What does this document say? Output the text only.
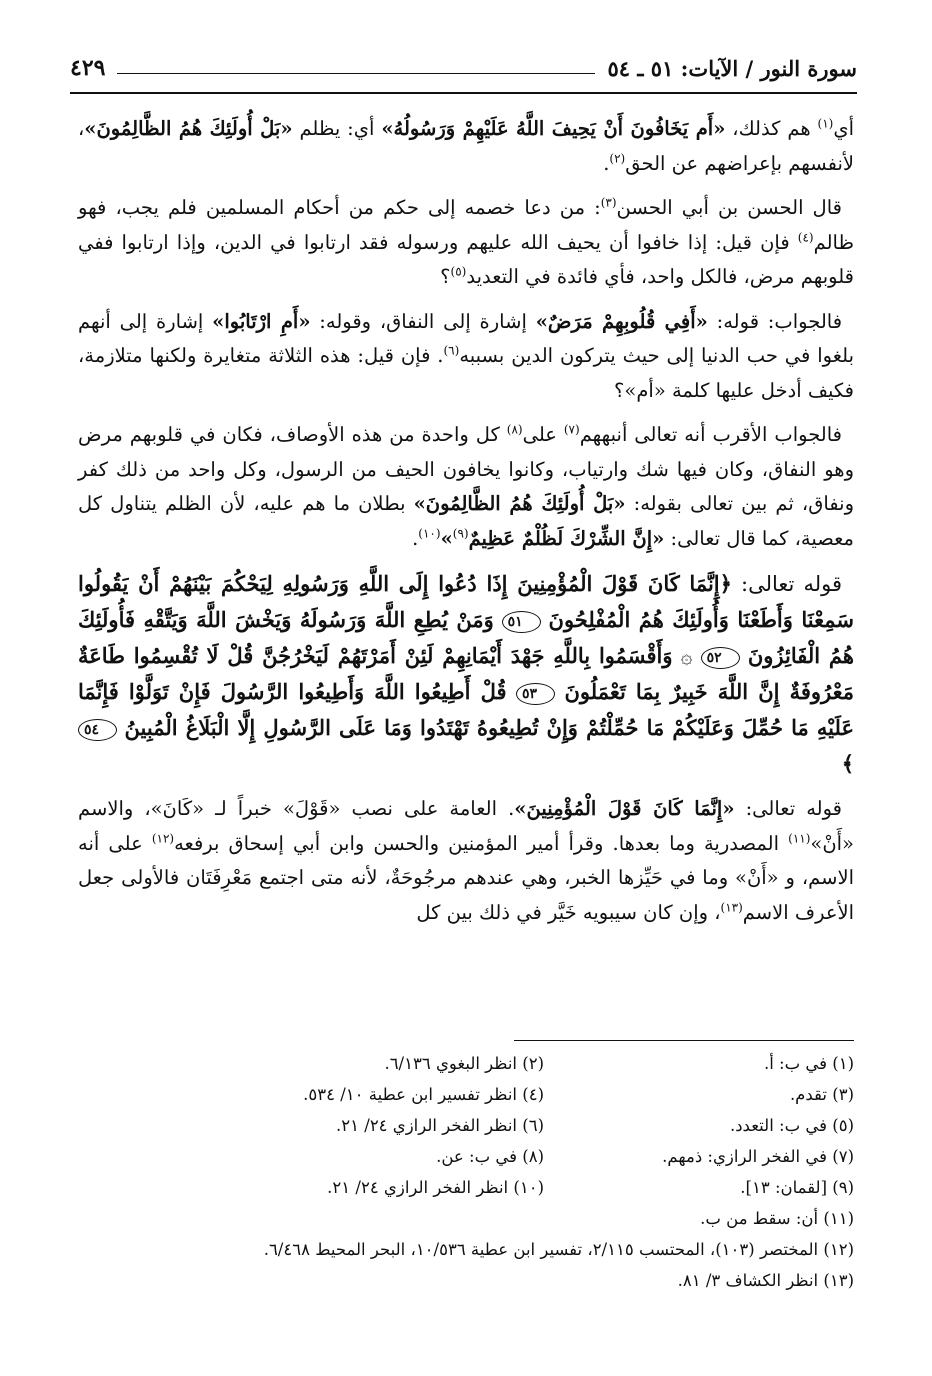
سورة النور / الآيات: ٥١ ـ ٥٤
٤٢٩

أي$^{(١)}$ هم كذلك، «أَم يَخَافُونَ أَنْ يَحِيفَ اللَّهُ عَلَيْهِمْ وَرَسُولُهُ» أي: يظلم «بَلْ أُولَئِكَ هُمُ الظَّالِمُونَ»، لأنفسهم بإعراضهم عن الحق$^{(٢)}$.

قال الحسن بن أبي الحسن$^{(٣)}$: من دعا خصمه إلى حكم من أحكام المسلمين فلم يجب، فهو ظالم$^{(٤)}$ فإن قيل: إذا خافوا أن يحيف الله عليهم ورسوله فقد ارتابوا في الدين، وإذا ارتابوا ففي قلوبهم مرض، فالكل واحد، فأي فائدة في التعديد$^{(٥)}$؟

فالجواب: قوله: «أَفِي قُلُوبِهِمْ مَرَضٌ» إشارة إلى النفاق، وقوله: «أَمِ ارْتَابُوا» إشارة إلى أنهم بلغوا في حب الدنيا إلى حيث يتركون الدين بسببه$^{(٦)}$. فإن قيل: هذه الثلاثة متغايرة ولكنها متلازمة، فكيف أدخل عليها كلمة «أم»؟

فالجواب الأقرب أنه تعالى أنبههم$^{(٧)}$ على$^{(٨)}$ كل واحدة من هذه الأوصاف، فكان في قلوبهم مرض وهو النفاق، وكان فيها شك وارتياب، وكانوا يخافون الحيف من الرسول، وكل واحد من ذلك كفر ونفاق، ثم بين تعالى بقوله: «بَلْ أُولَئِكَ هُمُ الظَّالِمُونَ» بطلان ما هم عليه، لأن الظلم يتناول كل معصية، كما قال تعالى: «إِنَّ الشِّرْكَ لَظُلْمٌ عَظِيمٌ$^{(٩)}$»$^{(١٠)}$.

قوله تعالى: ﴿إِنَّمَا كَانَ قَوْلَ الْمُؤْمِنِينَ إِذَا دُعُوا إِلَى اللَّهِ وَرَسُولِهِ لِيَحْكُمَ بَيْنَهُمْ أَنْ يَقُولُوا سَمِعْنَا وَأَطَعْنَا وَأُولَئِكَ هُمُ الْمُفْلِحُونَ ٥١ وَمَنْ يُطِعِ اللَّهَ وَرَسُولَهُ وَيَخْشَ اللَّهَ وَيَتَّقْهِ فَأُولَئِكَ هُمُ الْفَائِزُونَ ٥٢ ۞ وَأَقْسَمُوا بِاللَّهِ جَهْدَ أَيْمَانِهِمْ لَئِنْ أَمَرْتَهُمْ لَيَخْرُجُنَّ قُلْ لَا تُقْسِمُوا طَاعَةٌ مَعْرُوفَةٌ إِنَّ اللَّهَ خَبِيرٌ بِمَا تَعْمَلُونَ ٥٣ قُلْ أَطِيعُوا اللَّهَ وَأَطِيعُوا الرَّسُولَ فَإِنْ تَوَلَّوْا فَإِنَّمَا عَلَيْهِ مَا حُمِّلَ وَعَلَيْكُمْ مَا حُمِّلْتُمْ وَإِنْ تُطِيعُوهُ تَهْتَدُوا وَمَا عَلَى الرَّسُولِ إِلَّا الْبَلَاغُ الْمُبِينُ ٥٤﴾

قوله تعالى: «إِنَّمَا كَانَ قَوْلَ الْمُؤْمِنِينَ». العامة على نصب «قَوْلَ» خبراً لـ «كَانَ»، والاسم «أَنْ»$^{(١١)}$ المصدرية وما بعدها. وقرأ أمير المؤمنين والحسن وابن أبي إسحاق برفعه$^{(١٢)}$ على أنه الاسم، و «أَنْ» وما في حَيِّزها الخبر، وهي عندهم مرجُوحَةٌ، لأنه متى اجتمع مَعْرِفَتَان فالأولى جعل الأعرف الاسم$^{(١٣)}$، وإن كان سيبويه خَيَّر في ذلك بين كل

(١) في ب: أ.
(٢) انظر البغوي ٦/١٣٦.
(٣) تقدم.
(٤) انظر تفسير ابن عطية ١٠/ ٥٣٤.
(٥) في ب: التعدد.
(٦) انظر الفخر الرازي ٢٤/ ٢١.
(٧) في الفخر الرازي: ذمهم.
(٨) في ب: عن.
(٩) [لقمان: ١٣].
(١٠) انظر الفخر الرازي ٢٤/ ٢١.
(١١) أن: سقط من ب.
(١٢) المختصر (١٠٣)، المحتسب ٢/١١٥، تفسير ابن عطية ١٠/٥٣٦، البحر المحيط ٦/٤٦٨.
(١٣) انظر الكشاف ٣/ ٨١.
